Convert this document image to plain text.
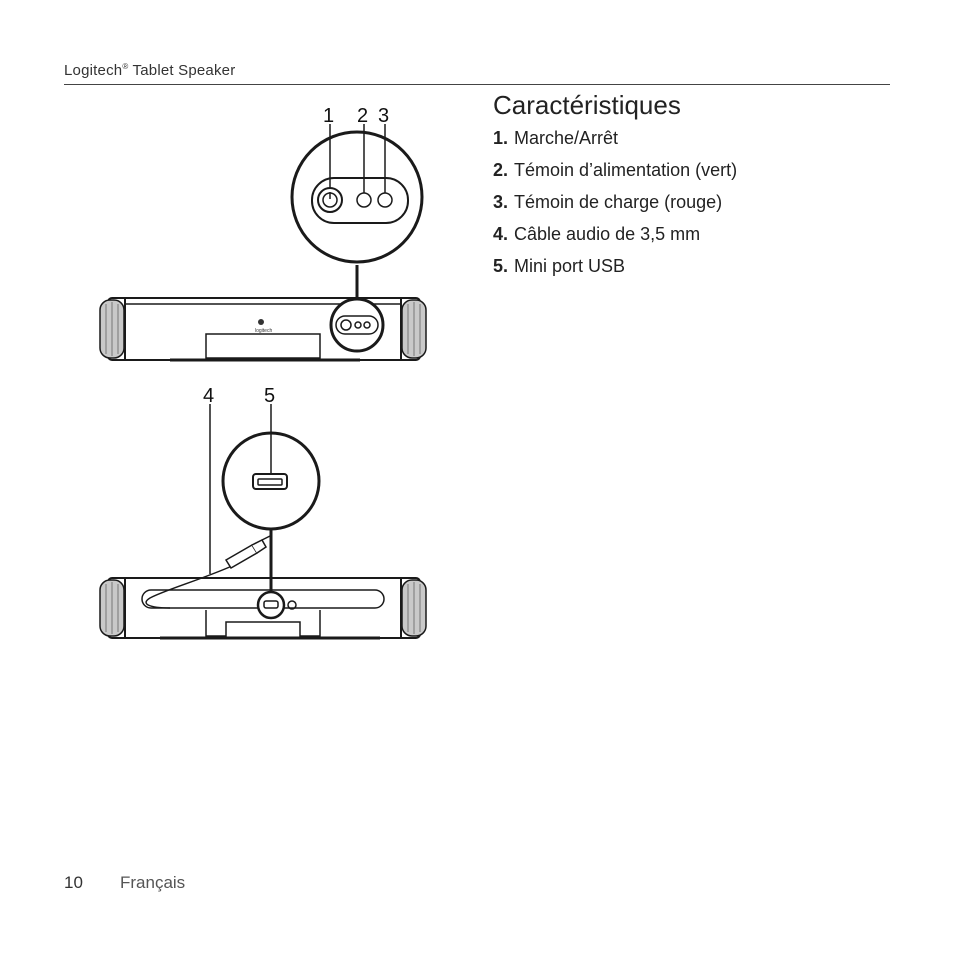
Logitech® Tablet Speaker
Caractéristiques
1. Marche/Arrêt
2. Témoin d’alimentation (vert)
3. Témoin de charge (rouge)
4. Câble audio de 3,5 mm
5. Mini port USB
logitech
1 2 3
4 5
10 Français
